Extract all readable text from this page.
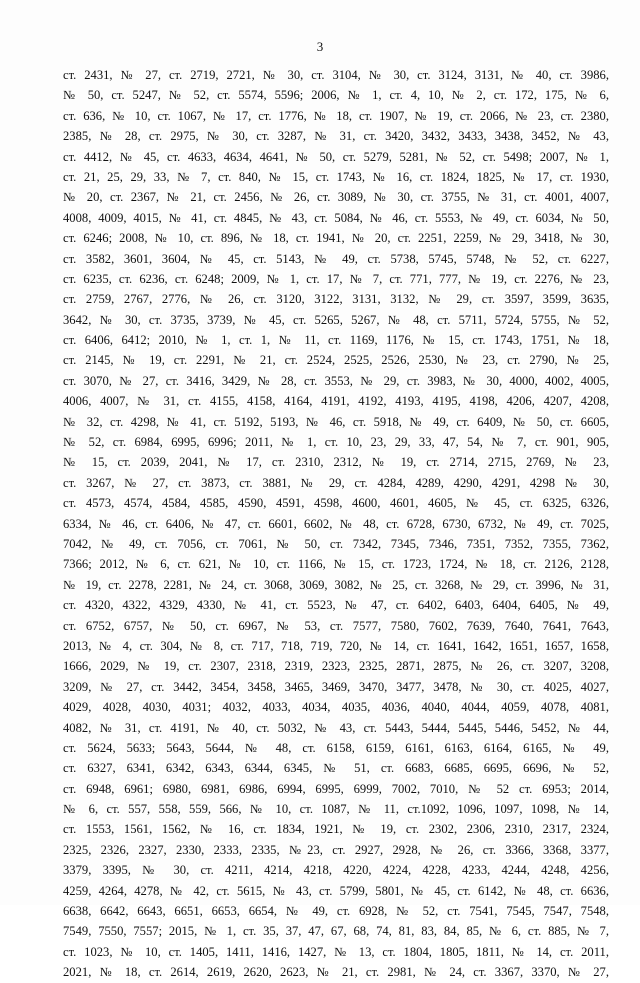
3
ст. 2431, № 27, ст. 2719, 2721, № 30, ст. 3104, № 30, ст. 3124, 3131, № 40, ст. 3986,
№ 50, ст. 5247, № 52, ст. 5574, 5596; 2006, № 1, ст. 4, 10, № 2, ст. 172, 175, № 6,
ст. 636, № 10, ст. 1067, № 17, ст. 1776, № 18, ст. 1907, № 19, ст. 2066, № 23, ст. 2380,
2385, № 28, ст. 2975, № 30, ст. 3287, № 31, ст. 3420, 3432, 3433, 3438, 3452, № 43,
ст. 4412, № 45, ст. 4633, 4634, 4641, № 50, ст. 5279, 5281, № 52, ст. 5498; 2007, № 1,
ст. 21, 25, 29, 33, № 7, ст. 840, № 15, ст. 1743, № 16, ст. 1824, 1825, № 17, ст. 1930,
№ 20, ст. 2367, № 21, ст. 2456, № 26, ст. 3089, № 30, ст. 3755, № 31, ст. 4001, 4007,
4008, 4009, 4015, № 41, ст. 4845, № 43, ст. 5084, № 46, ст. 5553, № 49, ст. 6034, № 50,
ст. 6246; 2008, № 10, ст. 896, № 18, ст. 1941, № 20, ст. 2251, 2259, № 29, 3418, № 30,
ст. 3582, 3601, 3604, № 45, ст. 5143, № 49, ст. 5738, 5745, 5748, № 52, ст. 6227,
ст. 6235, ст. 6236, ст. 6248; 2009, № 1, ст. 17, № 7, ст. 771, 777, № 19, ст. 2276, № 23,
ст. 2759, 2767, 2776, № 26, ст. 3120, 3122, 3131, 3132, № 29, ст. 3597, 3599, 3635,
3642, № 30, ст. 3735, 3739, № 45, ст. 5265, 5267, № 48, ст. 5711, 5724, 5755, № 52,
ст. 6406, 6412; 2010, № 1, ст. 1, № 11, ст. 1169, 1176, № 15, ст. 1743, 1751, № 18,
ст. 2145, № 19, ст. 2291, № 21, ст. 2524, 2525, 2526, 2530, № 23, ст. 2790, № 25,
ст. 3070, № 27, ст. 3416, 3429, № 28, ст. 3553, № 29, ст. 3983, № 30, 4000, 4002, 4005,
4006, 4007, № 31, ст. 4155, 4158, 4164, 4191, 4192, 4193, 4195, 4198, 4206, 4207, 4208,
№ 32, ст. 4298, № 41, ст. 5192, 5193, № 46, ст. 5918, № 49, ст. 6409, № 50, ст. 6605,
№ 52, ст. 6984, 6995, 6996; 2011, № 1, ст. 10, 23, 29, 33, 47, 54, № 7, ст. 901, 905,
№ 15, ст. 2039, 2041, № 17, ст. 2310, 2312, № 19, ст. 2714, 2715, 2769, № 23,
ст. 3267, № 27, ст. 3873, ст. 3881, № 29, ст. 4284, 4289, 4290, 4291, 4298 № 30,
ст. 4573, 4574, 4584, 4585, 4590, 4591, 4598, 4600, 4601, 4605, № 45, ст. 6325, 6326,
6334, № 46, ст. 6406, № 47, ст. 6601, 6602, № 48, ст. 6728, 6730, 6732, № 49, ст. 7025,
7042, № 49, ст. 7056, ст. 7061, № 50, ст. 7342, 7345, 7346, 7351, 7352, 7355, 7362,
7366; 2012, № 6, ст. 621, № 10, ст. 1166, № 15, ст. 1723, 1724, № 18, ст. 2126, 2128,
№ 19, ст. 2278, 2281, № 24, ст. 3068, 3069, 3082, № 25, ст. 3268, № 29, ст. 3996, № 31,
ст. 4320, 4322, 4329, 4330, № 41, ст. 5523, № 47, ст. 6402, 6403, 6404, 6405, № 49,
ст. 6752, 6757, № 50, ст. 6967, № 53, ст. 7577, 7580, 7602, 7639, 7640, 7641, 7643,
2013, № 4, ст. 304, № 8, ст. 717, 718, 719, 720, № 14, ст. 1641, 1642, 1651, 1657, 1658,
1666, 2029, № 19, ст. 2307, 2318, 2319, 2323, 2325, 2871, 2875, № 26, ст. 3207, 3208,
3209, № 27, ст. 3442, 3454, 3458, 3465, 3469, 3470, 3477, 3478, № 30, ст. 4025, 4027,
4029, 4028, 4030, 4031; 4032, 4033, 4034, 4035, 4036, 4040, 4044, 4059, 4078, 4081,
4082, № 31, ст. 4191, № 40, ст. 5032, № 43, ст. 5443, 5444, 5445, 5446, 5452, № 44,
ст. 5624, 5633; 5643, 5644, № 48, ст. 6158, 6159, 6161, 6163, 6164, 6165, № 49,
ст. 6327, 6341, 6342, 6343, 6344, 6345, № 51, ст. 6683, 6685, 6695, 6696, № 52,
ст. 6948, 6961; 6980, 6981, 6986, 6994, 6995, 6999, 7002, 7010, № 52 ст. 6953; 2014,
№ 6, ст. 557, 558, 559, 566, № 10, ст. 1087, № 11, ст.1092, 1096, 1097, 1098, № 14,
ст. 1553, 1561, 1562, № 16, ст. 1834, 1921, № 19, ст. 2302, 2306, 2310, 2317, 2324,
2325, 2326, 2327, 2330, 2333, 2335, №23, ст. 2927, 2928, № 26, ст. 3366, 3368, 3377,
3379, 3395, № 30, ст. 4211, 4214, 4218, 4220, 4224, 4228, 4233, 4244, 4248, 4256,
4259, 4264, 4278, № 42, ст. 5615, № 43, ст. 5799, 5801, № 45, ст. 6142, № 48, ст. 6636,
6638, 6642, 6643, 6651, 6653, 6654, № 49, ст. 6928, № 52, ст. 7541, 7545, 7547, 7548,
7549, 7550, 7557; 2015, № 1, ст. 35, 37, 47, 67, 68, 74, 81, 83, 84, 85, № 6, ст. 885, № 7,
ст. 1023, № 10, ст. 1405, 1411, 1416, 1427, № 13, ст. 1804, 1805, 1811, № 14, ст. 2011,
2021, № 18, ст. 2614, 2619, 2620, 2623, № 21, ст. 2981, № 24, ст. 3367, 3370, № 27,
